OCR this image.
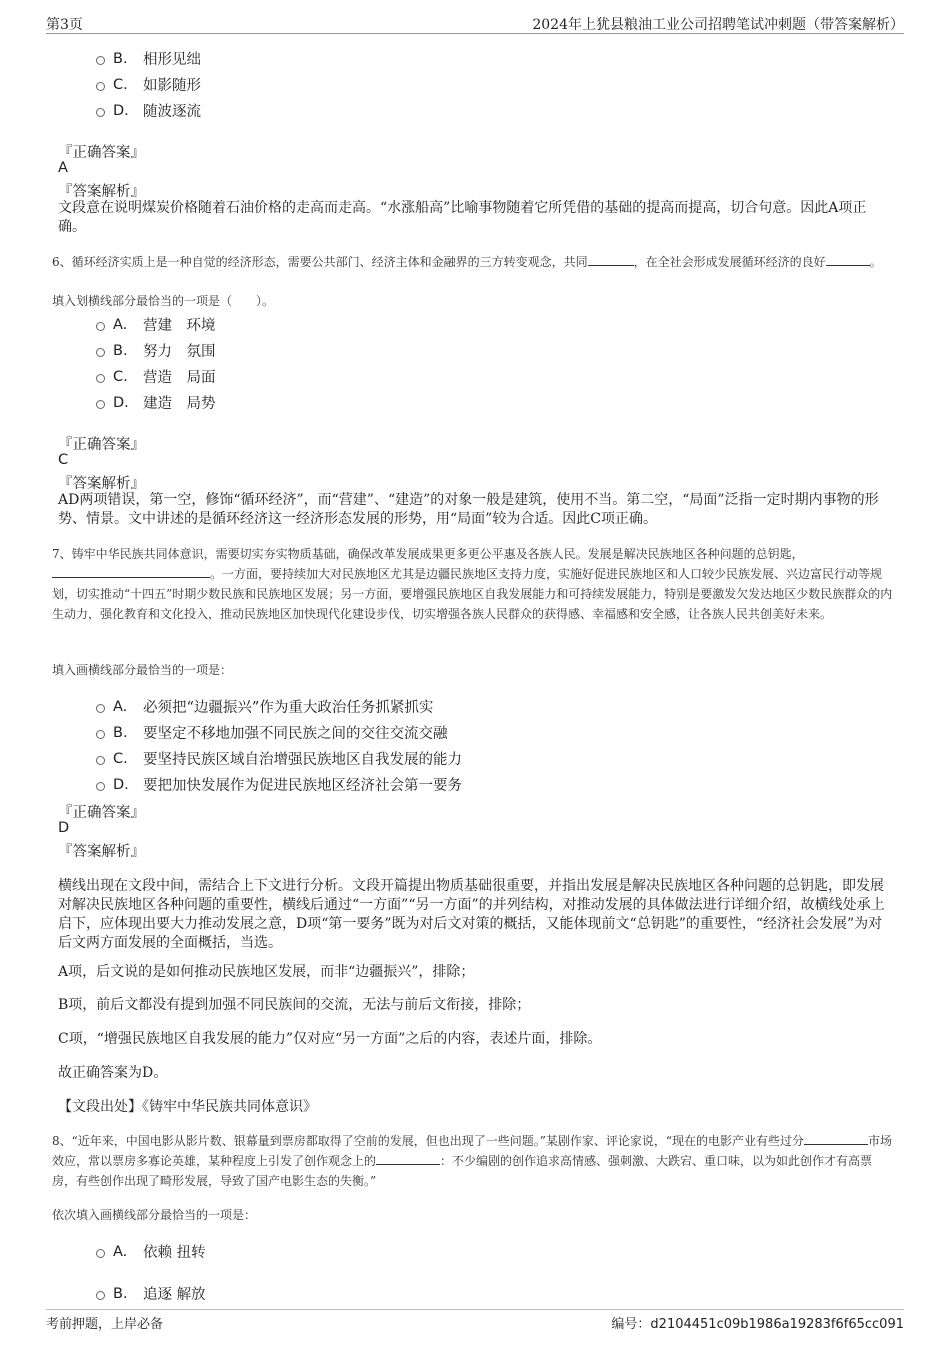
第3页	2024年上犹县粮油工业公司招聘笔试冲刺题（带答案解析）
B.	相形见绌
C.	如影随形
D. 随波逐流
『正确答案』
A
『答案解析』
文段意在说明煤炭价格随着石油价格的走高而走高。“水涨船高”比喻事物随着它所凭借的基础的提高而提高，切合句意。因此A项正确。
6、循环经济实质上是一种自觉的经济形态，需要公共部门、经济主体和金融界的三方转变观念，共同	，在全社会形成发展循环经济的良好	。
填入划横线部分最恰当的一项是（　　）。
A.	营建　环境
B.	努力　氛围
C.	营造　局面
D. 建造　局势
『正确答案』
C
『答案解析』
AD两项错误，第一空，修饰“循环经济”，而“营建”、“建造”的对象一般是建筑，使用不当。第二空，“局面”泛指一定时期内事物的形势、情景。文中讲述的是循环经济这一经济形态发展的形势，用“局面”较为合适。因此C项正确。
7、铸牢中华民族共同体意识，需要切实夯实物质基础，确保改革发展成果更多更公平惠及各族人民。发展是解决民族地区各种问题的总钥匙，。一方面，要持续加大对民族地区尤其是边疆民族地区支持力度，实施好促进民族地区和人口较少民族发展、兴边富民行动等规划，切实推动“十四五”时期少数民族和民族地区发展；另一方面，要增强民族地区自我发展能力和可持续发展能力，特别是要激发欠发达地区少数民族群众的内生动力，强化教育和文化投入，推动民族地区加快现代化建设步伐，切实增强各族人民群众的获得感、幸福感和安全感，让各族人民共创美好未来。
填入画横线部分最恰当的一项是：
A.	必须把“边疆振兴”作为重大政治任务抓紧抓实
B.	要坚定不移地加强不同民族之间的交往交流交融
C.	要坚持民族区域自治增强民族地区自我发展的能力
D. 要把加快发展作为促进民族地区经济社会第一要务
『正确答案』
D
『答案解析』
横线出现在文段中间，需结合上下文进行分析。文段开篇提出物质基础很重要，并指出发展是解决民族地区各种问题的总钥匙，即发展对解决民族地区各种问题的重要性，横线后通过“一方面”“另一方面”的并列结构，对推动发展的具体做法进行详细介绍，故横线处承上启下，应体现出要大力推动发展之意，D项“第一要务”既为对后文对策的概括，又能体现前文“总钥匙”的重要性，“经济社会发展”为对后文两方面发展的全面概括，当选。
A项，后文说的是如何推动民族地区发展，而非“边疆振兴”，排除；
B项，前后文都没有提到加强不同民族间的交流，无法与前后文衔接，排除；
C项，“增强民族地区自我发展的能力”仅对应“另一方面”之后的内容，表述片面，排除。
故正确答案为D。
【文段出处】《铸牢中华民族共同体意识》
8、“近年来，中国电影从影片数、银幕量到票房都取得了空前的发展，但也出现了一些问题。”某剧作家、评论家说，“现在的电影产业有些过分	市场效应，常以票房多寡论英雄，某种程度上引发了创作观念上的	：不少编剧的创作追求高情感、强刺激、大跌宕、重口味，以为如此创作才有高票房，有些创作出现了畸形发展，导致了国产电影生态的失衡。”
依次填入画横线部分最恰当的一项是：
A.	依赖 扭转
B.	追逐 解放
考前押题，上岸必备	编号：d2104451c09b1986a19283f6f65cc091
